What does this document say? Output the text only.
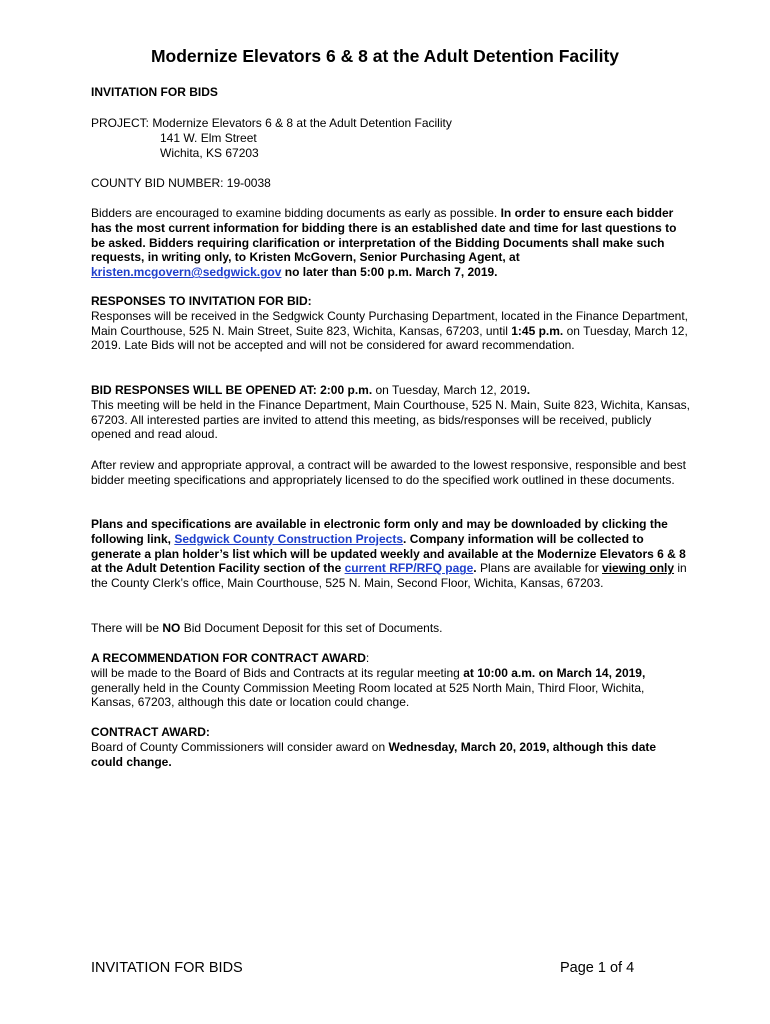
Modernize Elevators 6 & 8 at the Adult Detention Facility

INVITATION FOR BIDS

PROJECT: Modernize Elevators 6 & 8 at the Adult Detention Facility
141 W. Elm Street
Wichita, KS 67203

COUNTY BID NUMBER: 19-0038

Bidders are encouraged to examine bidding documents as early as possible. In order to ensure each bidder has the most current information for bidding there is an established date and time for last questions to be asked. Bidders requiring clarification or interpretation of the Bidding Documents shall make such requests, in writing only, to Kristen McGovern, Senior Purchasing Agent, at kristen.mcgovern@sedgwick.gov no later than 5:00 p.m. March 7, 2019.

RESPONSES TO INVITATION FOR BID:
Responses will be received in the Sedgwick County Purchasing Department, located in the Finance Department, Main Courthouse, 525 N. Main Street, Suite 823, Wichita, Kansas, 67203, until 1:45 p.m. on Tuesday, March 12, 2019. Late Bids will not be accepted and will not be considered for award recommendation.

BID RESPONSES WILL BE OPENED AT: 2:00 p.m. on Tuesday, March 12, 2019.
This meeting will be held in the Finance Department, Main Courthouse, 525 N. Main, Suite 823, Wichita, Kansas, 67203. All interested parties are invited to attend this meeting, as bids/responses will be received, publicly opened and read aloud.

After review and appropriate approval, a contract will be awarded to the lowest responsive, responsible and best bidder meeting specifications and appropriately licensed to do the specified work outlined in these documents.

Plans and specifications are available in electronic form only and may be downloaded by clicking the following link, Sedgwick County Construction Projects. Company information will be collected to generate a plan holder’s list which will be updated weekly and available at the Modernize Elevators 6 & 8 at the Adult Detention Facility section of the current RFP/RFQ page. Plans are available for viewing only in the County Clerk’s office, Main Courthouse, 525 N. Main, Second Floor, Wichita, Kansas, 67203.

There will be NO Bid Document Deposit for this set of Documents.

A RECOMMENDATION FOR CONTRACT AWARD:
will be made to the Board of Bids and Contracts at its regular meeting at 10:00 a.m. on March 14, 2019, generally held in the County Commission Meeting Room located at 525 North Main, Third Floor, Wichita, Kansas, 67203, although this date or location could change.

CONTRACT AWARD:
Board of County Commissioners will consider award on Wednesday, March 20, 2019, although this date could change.

INVITATION FOR BIDS	Page 1 of 4
